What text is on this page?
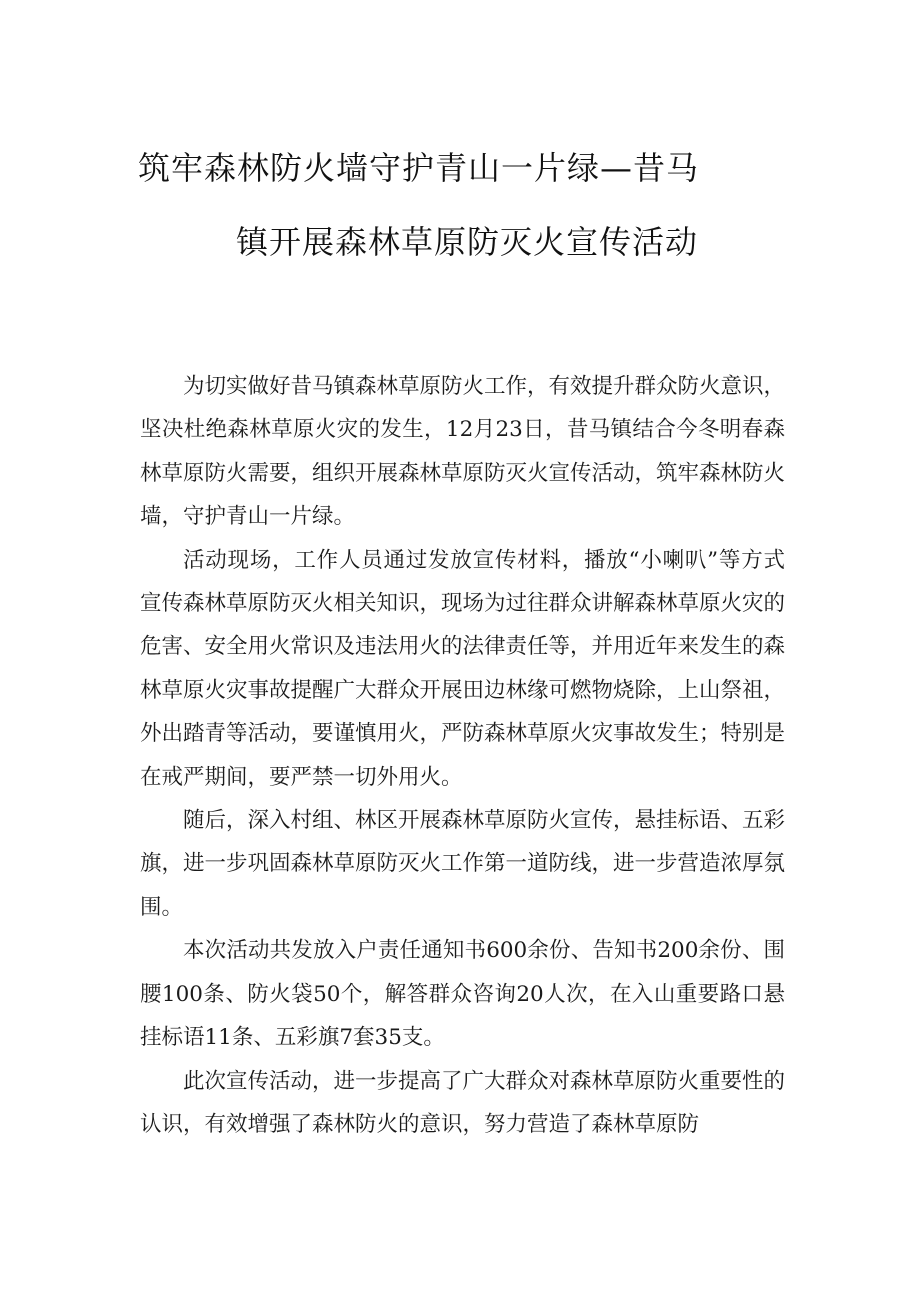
筑牢森林防火墙守护青山一片绿—昔马
镇开展森林草原防灭火宣传活动

为切实做好昔马镇森林草原防火工作，有效提升群众防火意识，坚决杜绝森林草原火灾的发生，12月23日，昔马镇结合今冬明春森林草原防火需要，组织开展森林草原防灭火宣传活动，筑牢森林防火墙，守护青山一片绿。

活动现场，工作人员通过发放宣传材料，播放“小喇叭”等方式宣传森林草原防灭火相关知识，现场为过往群众讲解森林草原火灾的危害、安全用火常识及违法用火的法律责任等，并用近年来发生的森林草原火灾事故提醒广大群众开展田边林缘可燃物烧除，上山祭祖，外出踏青等活动，要谨慎用火，严防森林草原火灾事故发生；特别是在戒严期间，要严禁一切外用火。

随后，深入村组、林区开展森林草原防火宣传，悬挂标语、五彩旗，进一步巩固森林草原防灭火工作第一道防线，进一步营造浓厚氛围。

本次活动共发放入户责任通知书600余份、告知书200余份、围腰100条、防火袋50个，解答群众咨询20人次，在入山重要路口悬挂标语11条、五彩旗7套35支。

此次宣传活动，进一步提高了广大群众对森林草原防火重要性的认识，有效增强了森林防火的意识，努力营造了森林草原防
